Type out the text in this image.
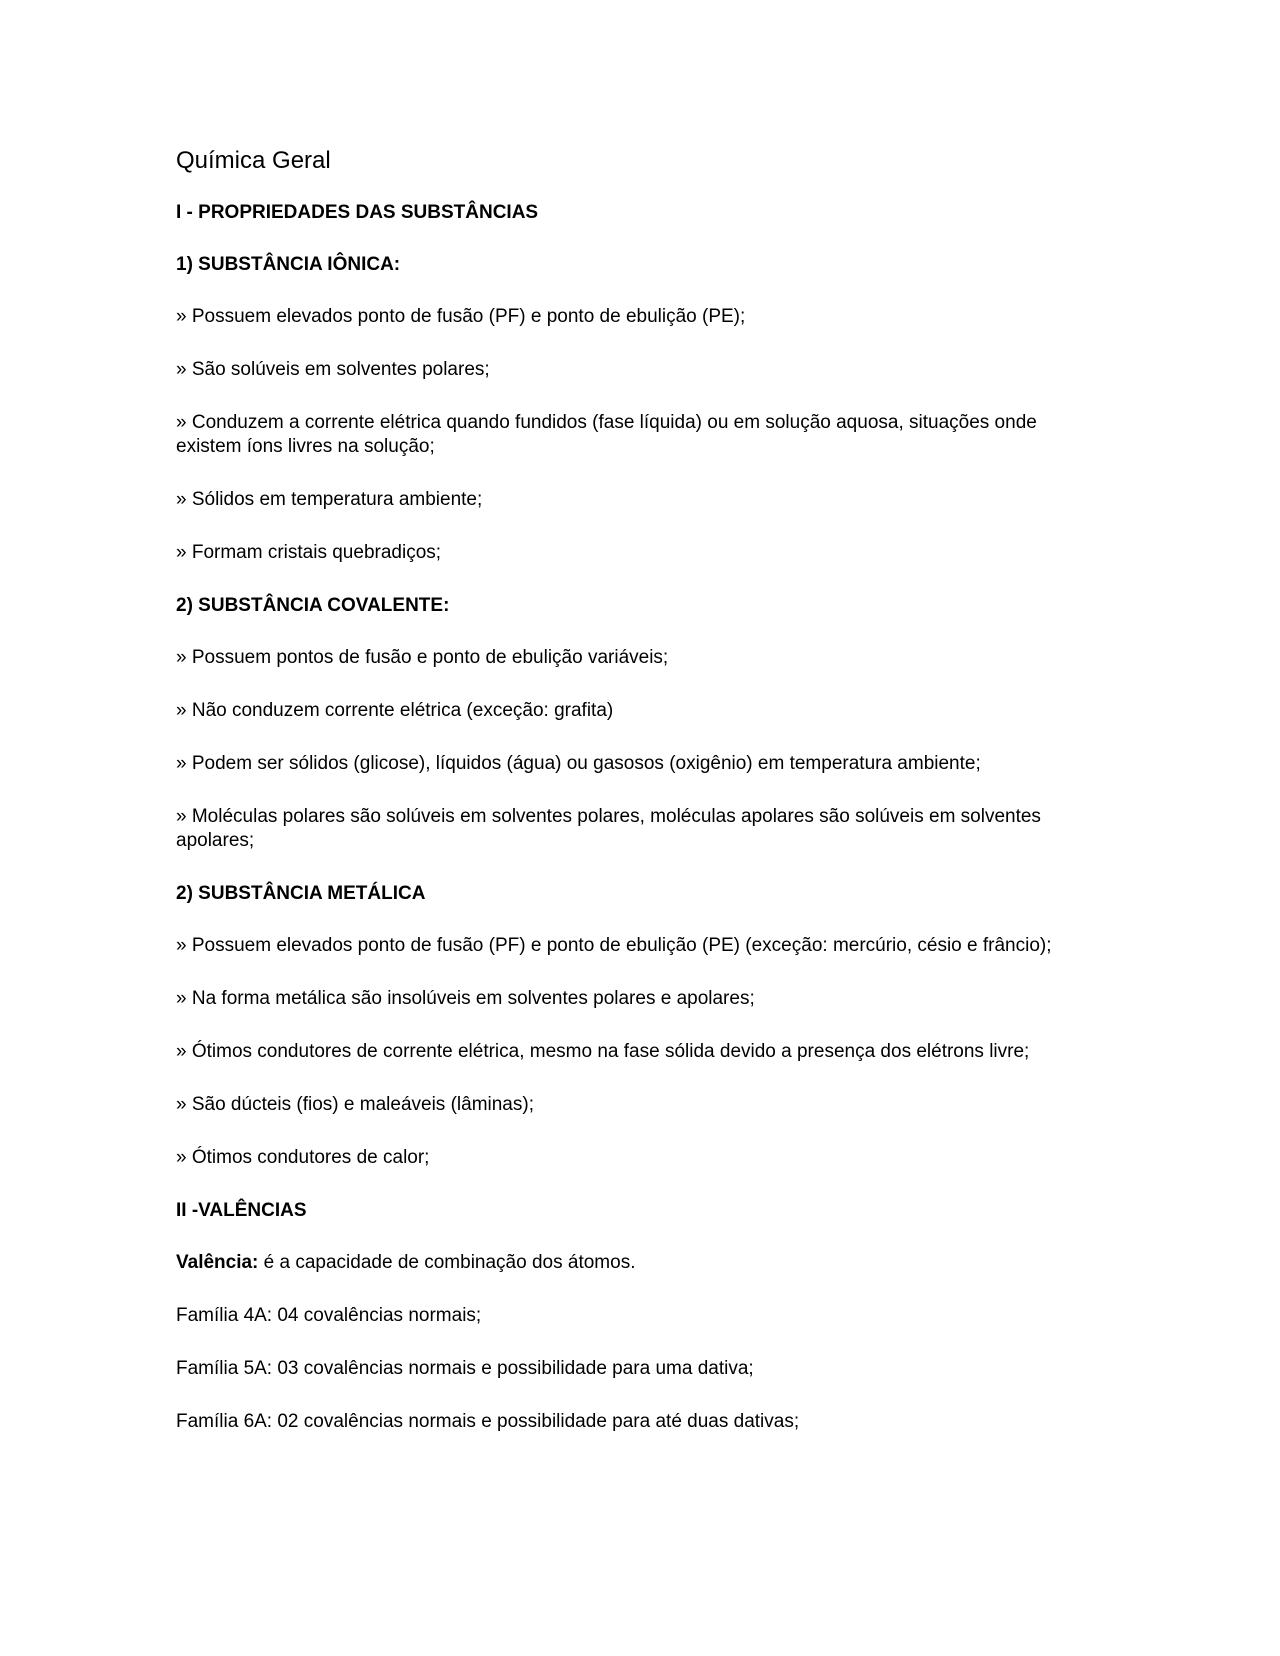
Química Geral
I - PROPRIEDADES DAS SUBSTÂNCIAS
1) SUBSTÂNCIA IÔNICA:
» Possuem elevados ponto de fusão (PF) e ponto de ebulição (PE);
» São solúveis em solventes polares;
» Conduzem a corrente elétrica quando fundidos (fase líquida) ou em solução aquosa, situações onde existem íons livres na solução;
» Sólidos em temperatura ambiente;
» Formam cristais quebradiços;
2) SUBSTÂNCIA COVALENTE:
» Possuem pontos de fusão e ponto de ebulição variáveis;
» Não conduzem corrente elétrica (exceção: grafita)
» Podem ser sólidos (glicose), líquidos (água) ou gasosos (oxigênio) em temperatura ambiente;
» Moléculas polares são solúveis em solventes polares, moléculas apolares são solúveis em solventes apolares;
2) SUBSTÂNCIA METÁLICA
» Possuem elevados ponto de fusão (PF) e ponto de ebulição (PE) (exceção: mercúrio, césio e frâncio);
» Na forma metálica são insolúveis em solventes polares e apolares;
» Ótimos condutores de corrente elétrica, mesmo na fase sólida devido a presença dos elétrons livre;
» São dúcteis (fios) e maleáveis (lâminas);
» Ótimos condutores de calor;
II -VALÊNCIAS
Valência: é a capacidade de combinação dos átomos.
Família 4A: 04 covalências normais;
Família 5A: 03 covalências normais e possibilidade para uma dativa;
Família 6A: 02 covalências normais e possibilidade para até duas dativas;
